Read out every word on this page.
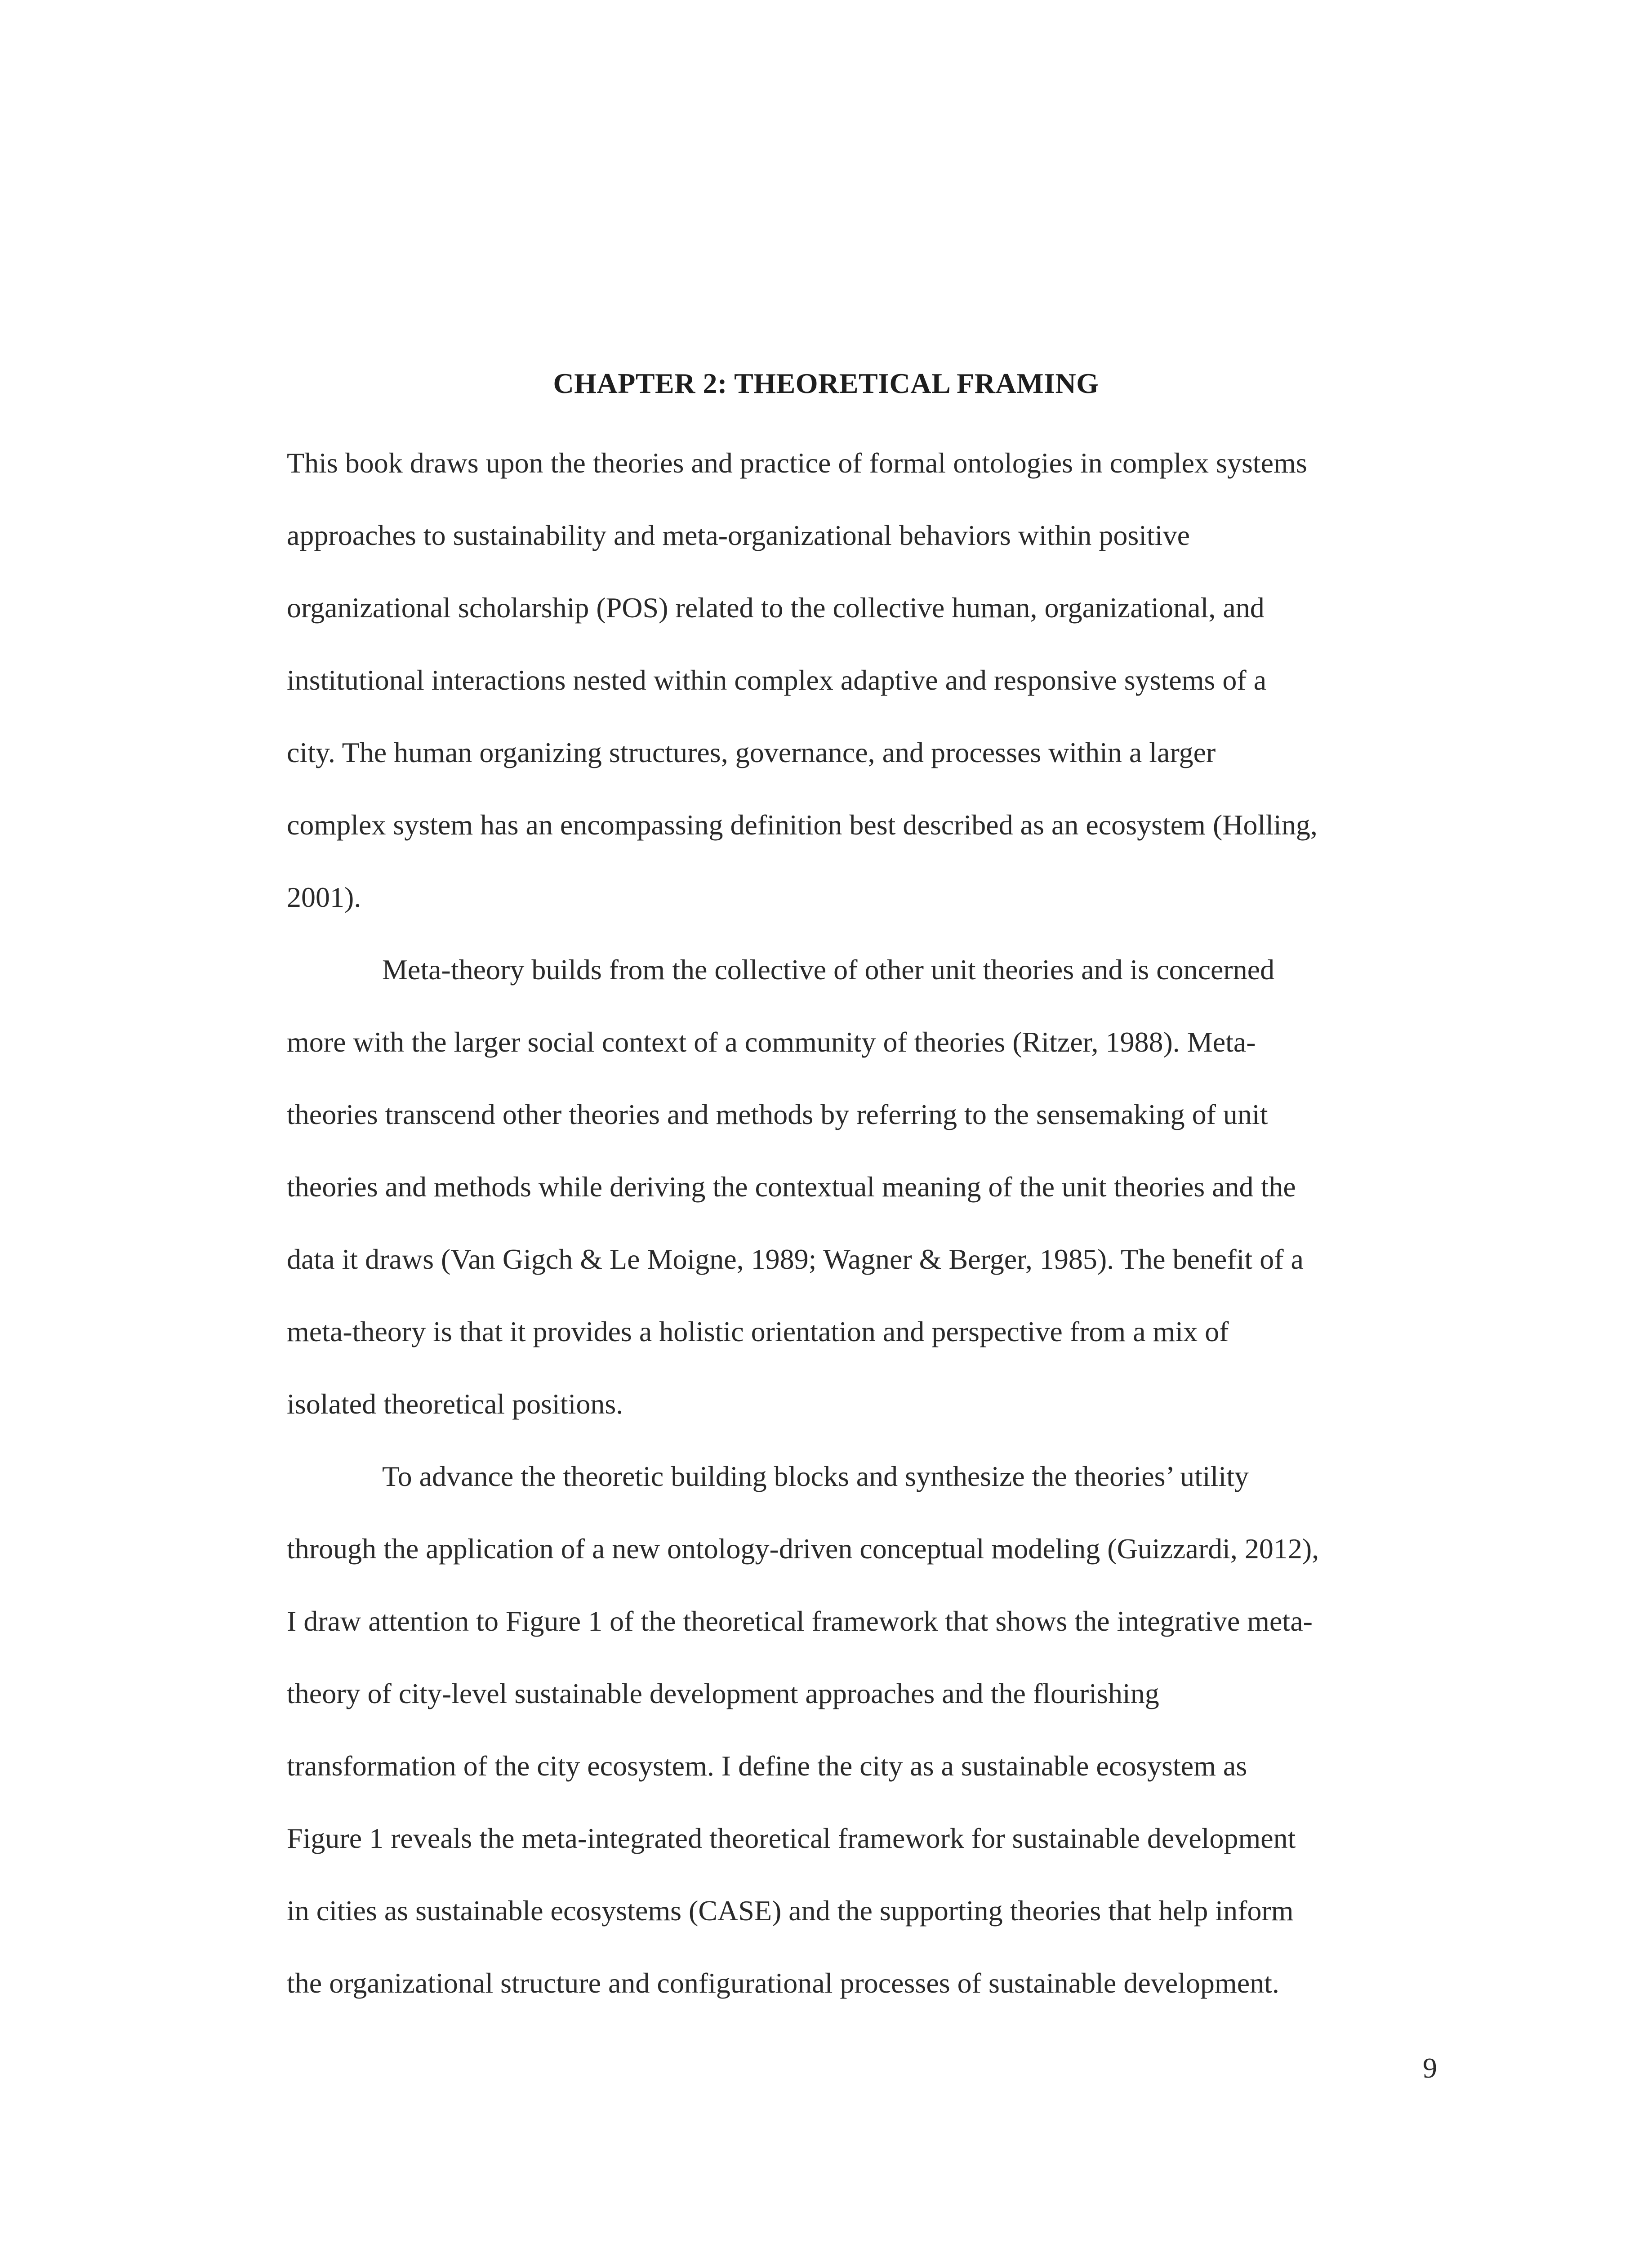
CHAPTER 2: THEORETICAL FRAMING
This book draws upon the theories and practice of formal ontologies in complex systems
approaches to sustainability and meta-organizational behaviors within positive
organizational scholarship (POS) related to the collective human, organizational, and
institutional interactions nested within complex adaptive and responsive systems of a
city. The human organizing structures, governance, and processes within a larger
complex system has an encompassing definition best described as an ecosystem (Holling,
2001).
Meta-theory builds from the collective of other unit theories and is concerned
more with the larger social context of a community of theories (Ritzer, 1988). Meta-
theories transcend other theories and methods by referring to the sensemaking of unit
theories and methods while deriving the contextual meaning of the unit theories and the
data it draws (Van Gigch & Le Moigne, 1989; Wagner & Berger, 1985). The benefit of a
meta-theory is that it provides a holistic orientation and perspective from a mix of
isolated theoretical positions.
To advance the theoretic building blocks and synthesize the theories’ utility
through the application of a new ontology-driven conceptual modeling (Guizzardi, 2012),
I draw attention to Figure 1 of the theoretical framework that shows the integrative meta-
theory of city-level sustainable development approaches and the flourishing
transformation of the city ecosystem. I define the city as a sustainable ecosystem as
Figure 1 reveals the meta-integrated theoretical framework for sustainable development
in cities as sustainable ecosystems (CASE) and the supporting theories that help inform
the organizational structure and configurational processes of sustainable development.
9
